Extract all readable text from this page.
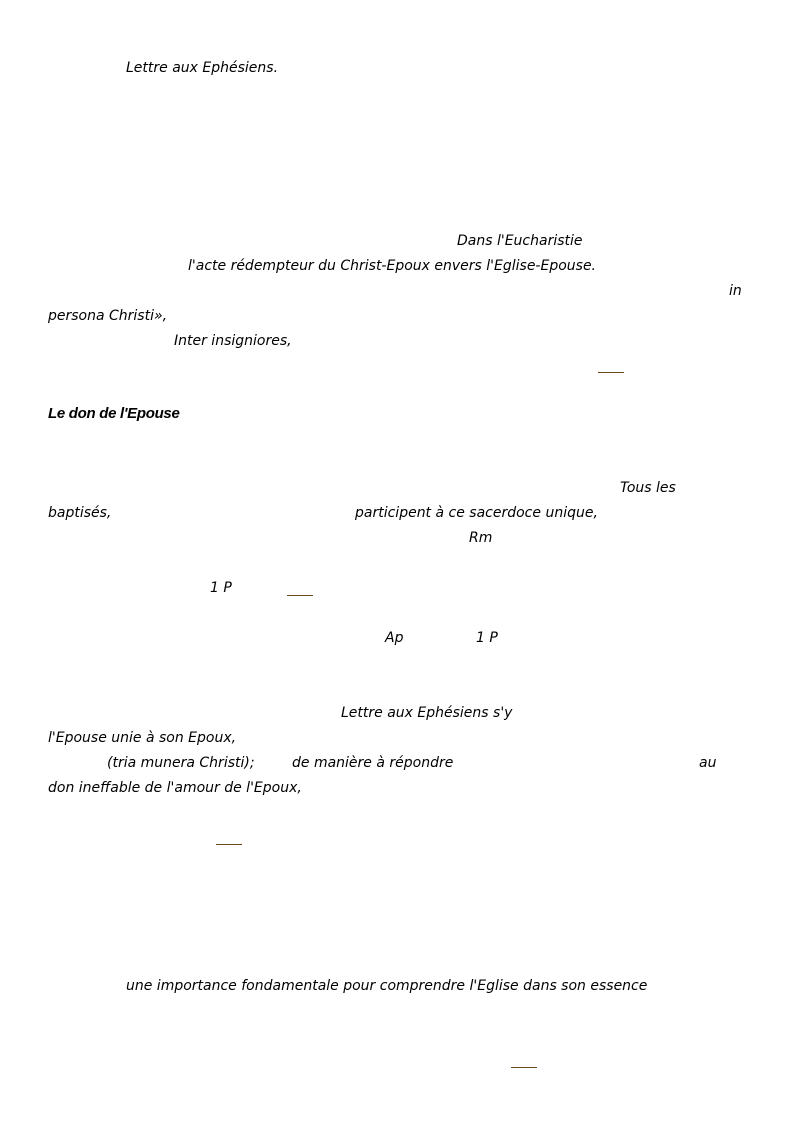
Lettre aux Ephésiens.
Dans l'Eucharistie
l'acte rédempteur du Christ-Epoux envers l'Eglise-Epouse.
in
persona Christi»,
Inter insigniores,
Le don de l'Epouse
Tous les
baptisés,	participent à ce sacerdoce unique,
Rm
1 P
Ap	1 P
Lettre aux Ephésiens s'y
l'Epouse unie à son Epoux,
(tria munera Christi);	de manière à répondre	au
don ineffable de l'amour de l'Epoux,
une importance fondamentale pour comprendre l'Eglise dans son essence
